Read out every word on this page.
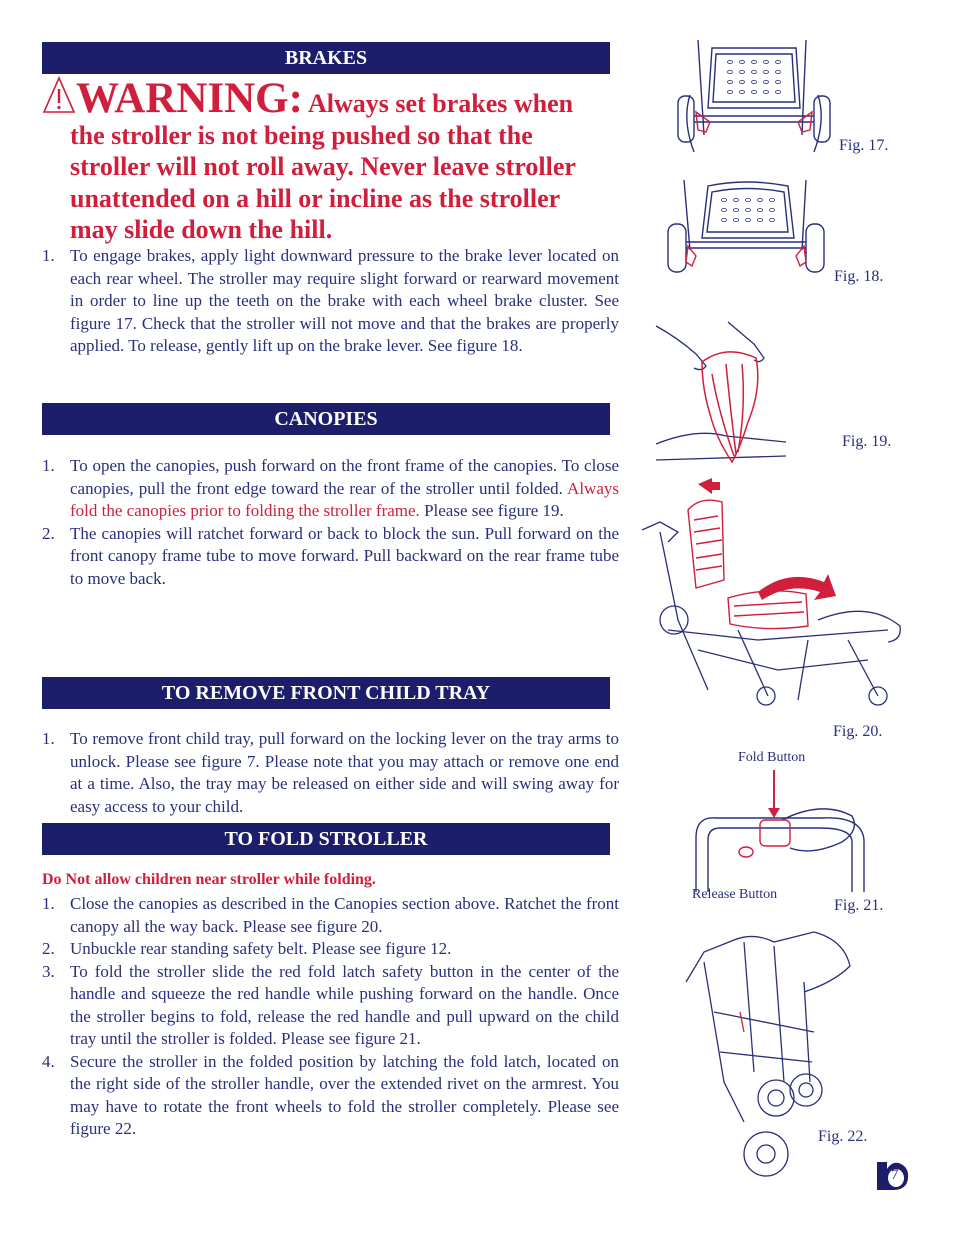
BRAKES
WARNING: Always set brakes when
the stroller is not being pushed so that the
stroller will not roll away. Never leave stroller
unattended on a hill or incline as the stroller
may slide down the hill.
1. To engage brakes, apply light downward pressure to the brake lever located on each rear wheel. The stroller may require slight forward or rearward movement in order to line up the teeth on the brake with each wheel brake cluster. See figure 17. Check that the stroller will not move and that the brakes are properly applied. To release, gently lift up on the brake lever. See figure 18.
CANOPIES
1. To open the canopies, push forward on the front frame of the canopies. To close canopies, pull the front edge toward the rear of the stroller until folded. Always fold the canopies prior to folding the stroller frame. Please see figure 19.
2. The canopies will ratchet forward or back to block the sun. Pull forward on the front canopy frame tube to move forward. Pull backward on the rear frame tube to move back.
TO REMOVE FRONT CHILD TRAY
1. To remove front child tray, pull forward on the locking lever on the tray arms to unlock. Please see figure 7. Please note that you may attach or remove one end at a time. Also, the tray may be released on either side and will swing away for easy access to your child.
TO FOLD STROLLER
Do Not allow children near stroller while folding.
1. Close the canopies as described in the Canopies section above. Ratchet the front canopy all the way back. Please see figure 20.
2. Unbuckle rear standing safety belt. Please see figure 12.
3. To fold the stroller slide the red fold latch safety button in the center of the handle and squeeze the red handle while pushing forward on the handle. Once the stroller begins to fold, release the red handle and pull upward on the child tray until the stroller is folded. Please see figure 21.
4. Secure the stroller in the folded position by latching the fold latch, located on the right side of the stroller handle, over the extended rivet on the armrest. You may have to rotate the front wheels to fold the stroller completely. Please see figure 22.
Fig. 17.
Fig. 18.
Fig. 19.
Fig. 20.
Fold Button
Release Button
Fig. 21.
Fig. 22.
7
